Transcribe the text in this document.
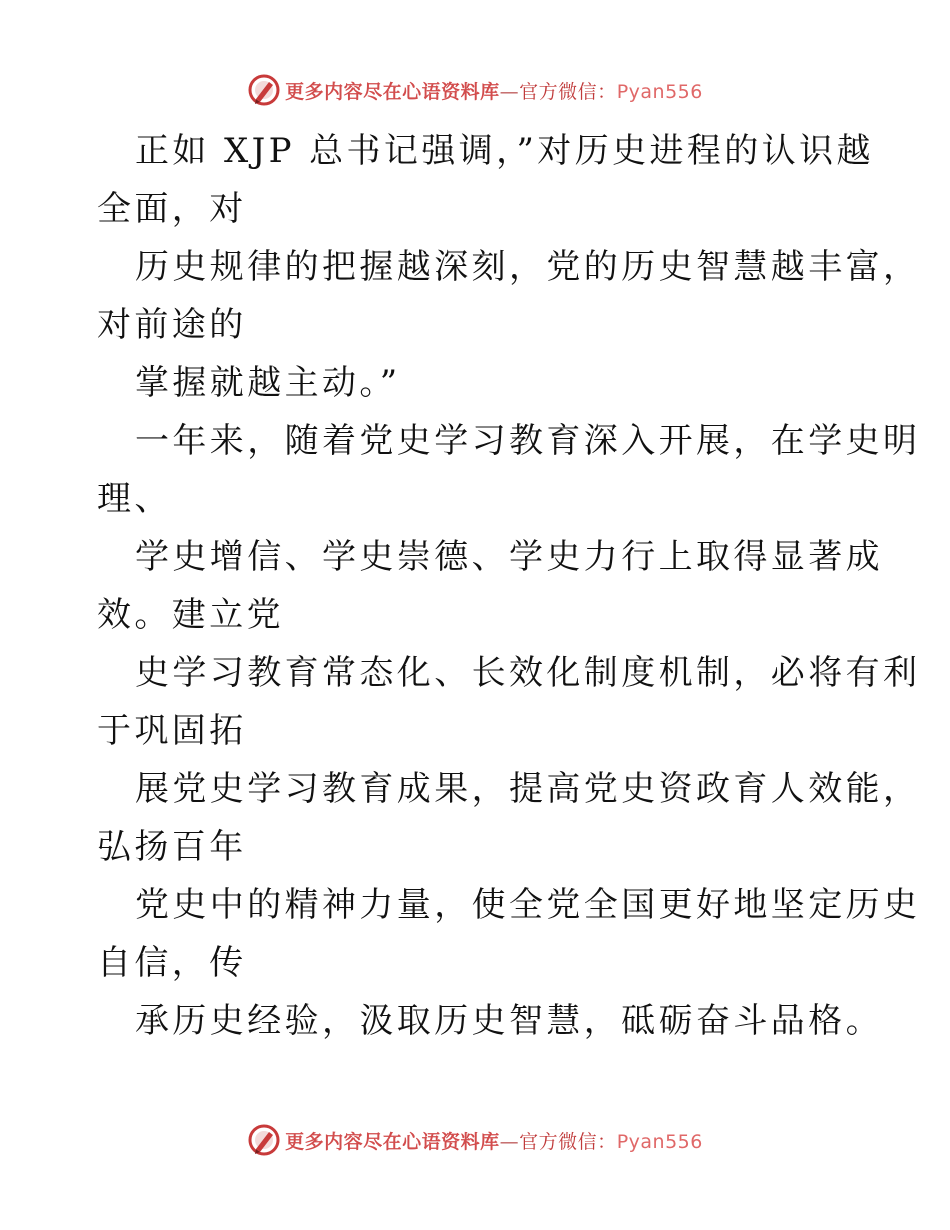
更多内容尽在心语资料库—官方微信：Pyan556
正如 XJP 总书记强调，”对历史进程的认识越
全面，对
历史规律的把握越深刻，党的历史智慧越丰富，
对前途的
掌握就越主动。”
一年来，随着党史学习教育深入开展，在学史明
理、
学史增信、学史崇德、学史力行上取得显著成
效。建立党
史学习教育常态化、长效化制度机制，必将有利
于巩固拓
展党史学习教育成果，提高党史资政育人效能，
弘扬百年
党史中的精神力量，使全党全国更好地坚定历史
自信，传
承历史经验，汲取历史智慧，砥砺奋斗品格。
更多内容尽在心语资料库—官方微信：Pyan556
